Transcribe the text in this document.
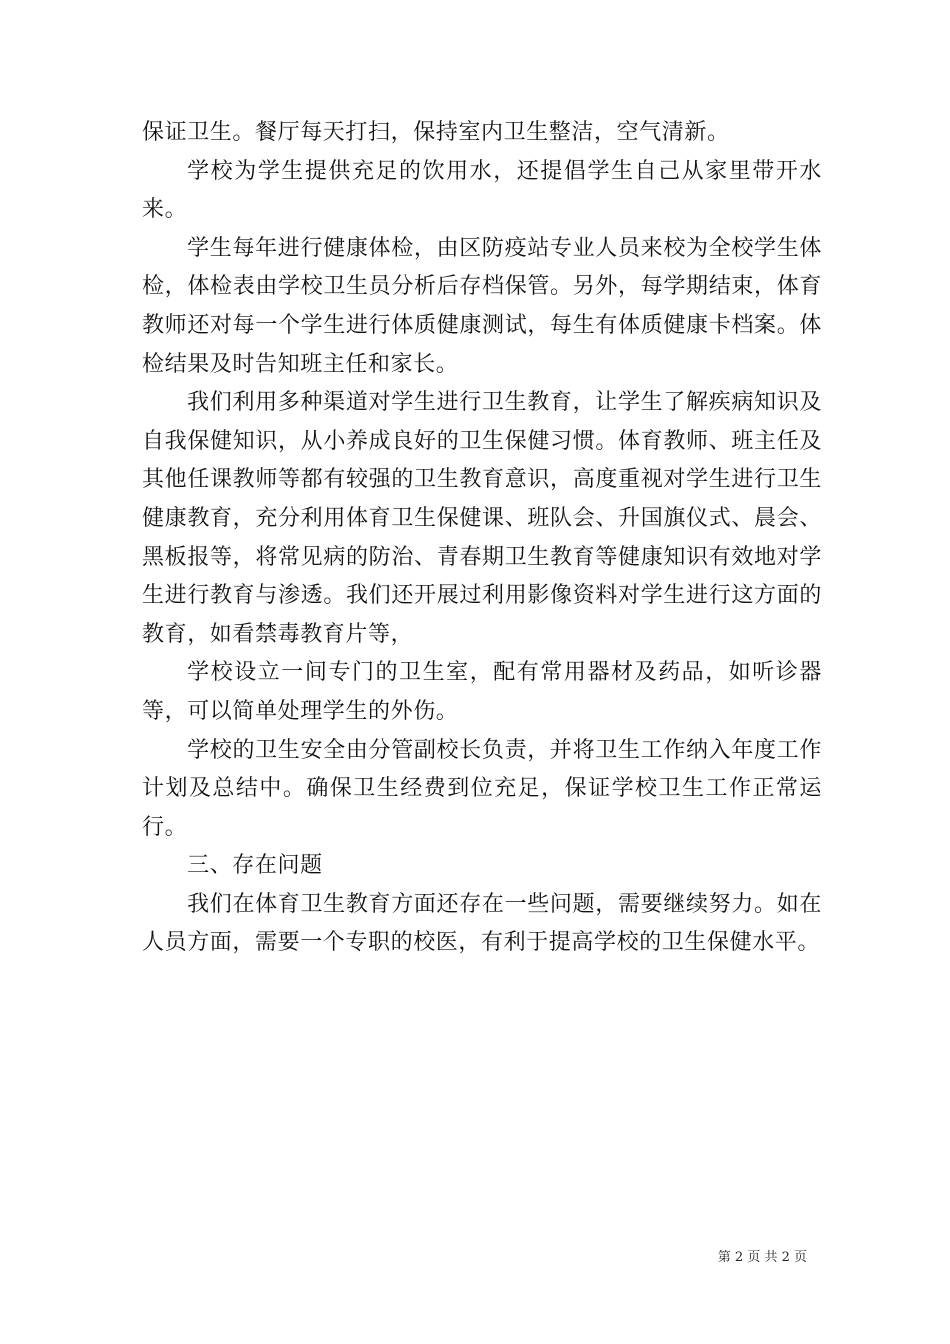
保证卫生。餐厅每天打扫，保持室内卫生整洁，空气清新。

学校为学生提供充足的饮用水，还提倡学生自己从家里带开水来。

学生每年进行健康体检，由区防疫站专业人员来校为全校学生体检，体检表由学校卫生员分析后存档保管。另外，每学期结束，体育教师还对每一个学生进行体质健康测试，每生有体质健康卡档案。体检结果及时告知班主任和家长。

我们利用多种渠道对学生进行卫生教育，让学生了解疾病知识及自我保健知识，从小养成良好的卫生保健习惯。体育教师、班主任及其他任课教师等都有较强的卫生教育意识，高度重视对学生进行卫生健康教育，充分利用体育卫生保健课、班队会、升国旗仪式、晨会、黑板报等，将常见病的防治、青春期卫生教育等健康知识有效地对学生进行教育与渗透。我们还开展过利用影像资料对学生进行这方面的教育，如看禁毒教育片等，

学校设立一间专门的卫生室，配有常用器材及药品，如听诊器等，可以简单处理学生的外伤。

学校的卫生安全由分管副校长负责，并将卫生工作纳入年度工作计划及总结中。确保卫生经费到位充足，保证学校卫生工作正常运行。

三、存在问题

我们在体育卫生教育方面还存在一些问题，需要继续努力。如在人员方面，需要一个专职的校医，有利于提高学校的卫生保健水平。

第 2 页 共 2 页
